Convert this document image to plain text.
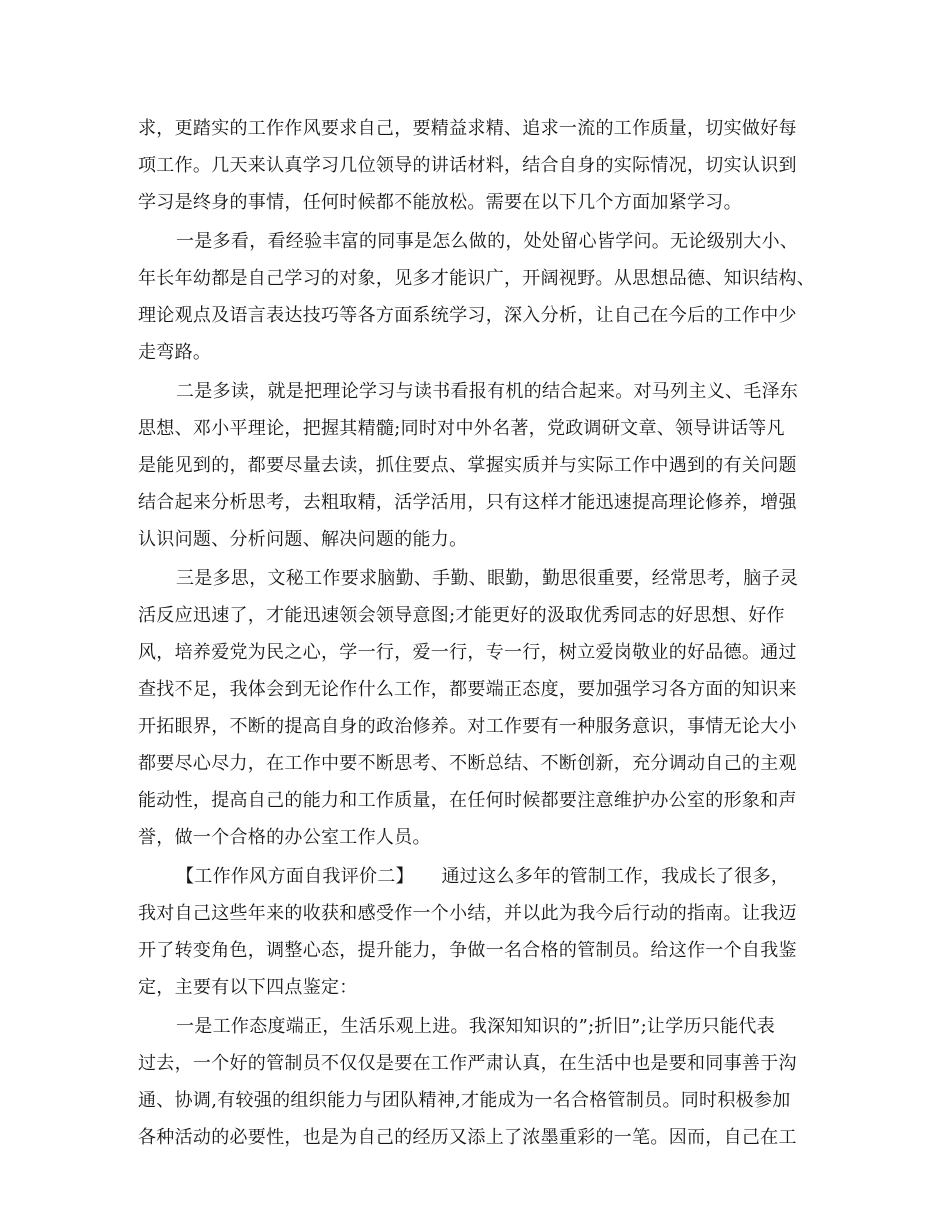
求，更踏实的工作作风要求自己，要精益求精、追求一流的工作质量，切实做好每
项工作。几天来认真学习几位领导的讲话材料，结合自身的实际情况，切实认识到
学习是终身的事情，任何时候都不能放松。需要在以下几个方面加紧学习。
一是多看，看经验丰富的同事是怎么做的，处处留心皆学问。无论级别大小、
年长年幼都是自己学习的对象，见多才能识广，开阔视野。从思想品德、知识结构、
理论观点及语言表达技巧等各方面系统学习，深入分析，让自己在今后的工作中少
走弯路。
二是多读，就是把理论学习与读书看报有机的结合起来。对马列主义、毛泽东
思想、邓小平理论，把握其精髓;同时对中外名著，党政调研文章、领导讲话等凡
是能见到的，都要尽量去读，抓住要点、掌握实质并与实际工作中遇到的有关问题
结合起来分析思考，去粗取精，活学活用，只有这样才能迅速提高理论修养，增强
认识问题、分析问题、解决问题的能力。
三是多思，文秘工作要求脑勤、手勤、眼勤，勤思很重要，经常思考，脑子灵
活反应迅速了，才能迅速领会领导意图;才能更好的汲取优秀同志的好思想、好作
风，培养爱党为民之心，学一行，爱一行，专一行，树立爱岗敬业的好品德。通过
查找不足，我体会到无论作什么工作，都要端正态度，要加强学习各方面的知识来
开拓眼界，不断的提高自身的政治修养。对工作要有一种服务意识，事情无论大小
都要尽心尽力，在工作中要不断思考、不断总结、不断创新，充分调动自己的主观
能动性，提高自己的能力和工作质量，在任何时候都要注意维护办公室的形象和声
誉，做一个合格的办公室工作人员。
【工作作风方面自我评价二】　　通过这么多年的管制工作，我成长了很多，
我对自己这些年来的收获和感受作一个小结，并以此为我今后行动的指南。让我迈
开了转变角色，调整心态，提升能力，争做一名合格的管制员。给这作一个自我鉴
定，主要有以下四点鉴定：
一是工作态度端正，生活乐观上进。我深知知识的”;折旧”;让学历只能代表
过去，一个好的管制员不仅仅是要在工作严肃认真，在生活中也是要和同事善于沟
通、协调,有较强的组织能力与团队精神,才能成为一名合格管制员。同时积极参加
各种活动的必要性，也是为自己的经历又添上了浓墨重彩的一笔。因而，自己在工
